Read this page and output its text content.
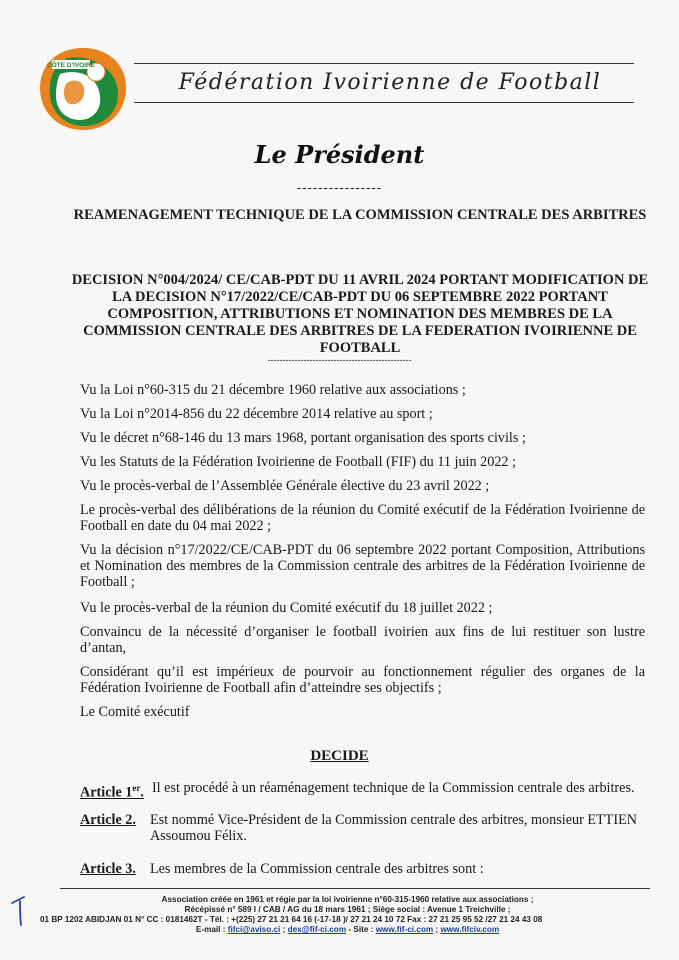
CÔTE D'IVOIRE
Fédération Ivoirienne de Football
Le Président
----------------
REAMENAGEMENT TECHNIQUE DE LA COMMISSION CENTRALE DES ARBITRES
DECISION N°004/2024/ CE/CAB-PDT DU 11 AVRIL 2024 PORTANT MODIFICATION DE LA DECISION N°17/2022/CE/CAB-PDT DU 06 SEPTEMBRE 2022 PORTANT COMPOSITION, ATTRIBUTIONS ET NOMINATION DES MEMBRES DE LA COMMISSION CENTRALE DES ARBITRES DE LA FEDERATION IVOIRIENNE DE FOOTBALL
------------------------------------------------

Vu la Loi n°60-315 du 21 décembre 1960 relative aux associations ;

Vu la Loi n°2014-856 du 22 décembre 2014 relative au sport ;

Vu le décret n°68-146 du 13 mars 1968, portant organisation des sports civils ;

Vu les Statuts de la Fédération Ivoirienne de Football (FIF) du 11 juin 2022 ;

Vu le procès-verbal de l’Assemblée Générale élective du 23 avril 2022 ;

Le procès-verbal des délibérations de la réunion du Comité exécutif de la Fédération Ivoirienne de Football en date du 04 mai 2022 ;

Vu la décision n°17/2022/CE/CAB-PDT du 06 septembre 2022 portant Composition, Attributions et Nomination des membres de la Commission centrale des arbitres de la Fédération Ivoirienne de Football ;

Vu le procès-verbal de la réunion du Comité exécutif du 18 juillet 2022 ;

Convaincu de la nécessité d’organiser le football ivoirien aux fins de lui restituer son lustre d’antan,

Considérant qu’il est impérieux de pourvoir au fonctionnement régulier des organes de la Fédération Ivoirienne de Football afin d’atteindre ses objectifs ;

Le Comité exécutif

DECIDE
Article 1er. Il est procédé à un réaménagement technique de la Commission centrale des arbitres.
Article 2. Est nommé Vice-Président de la Commission centrale des arbitres, monsieur ETTIEN Assoumou Félix.
Article 3. Les membres de la Commission centrale des arbitres sont :
Association créée en 1961 et régie par la loi ivoirienne n°60-315-1960 relative aux associations ;
Récépissé n° 589 I / CAB / AG du 18 mars 1961 ; Siège social : Avenue 1 Treichville ;
01 BP 1202 ABIDJAN 01 N° CC : 0181462T - Tél. : +(225) 27 21 21 64 16 (-17-18 )/ 27 21 24 10 72 Fax : 27 21 25 95 52 /27 21 24 43 08
E-mail : fifci@aviso.ci ; dex@fif-ci.com - Site : www.fif-ci.com ; www.fifciv.com
